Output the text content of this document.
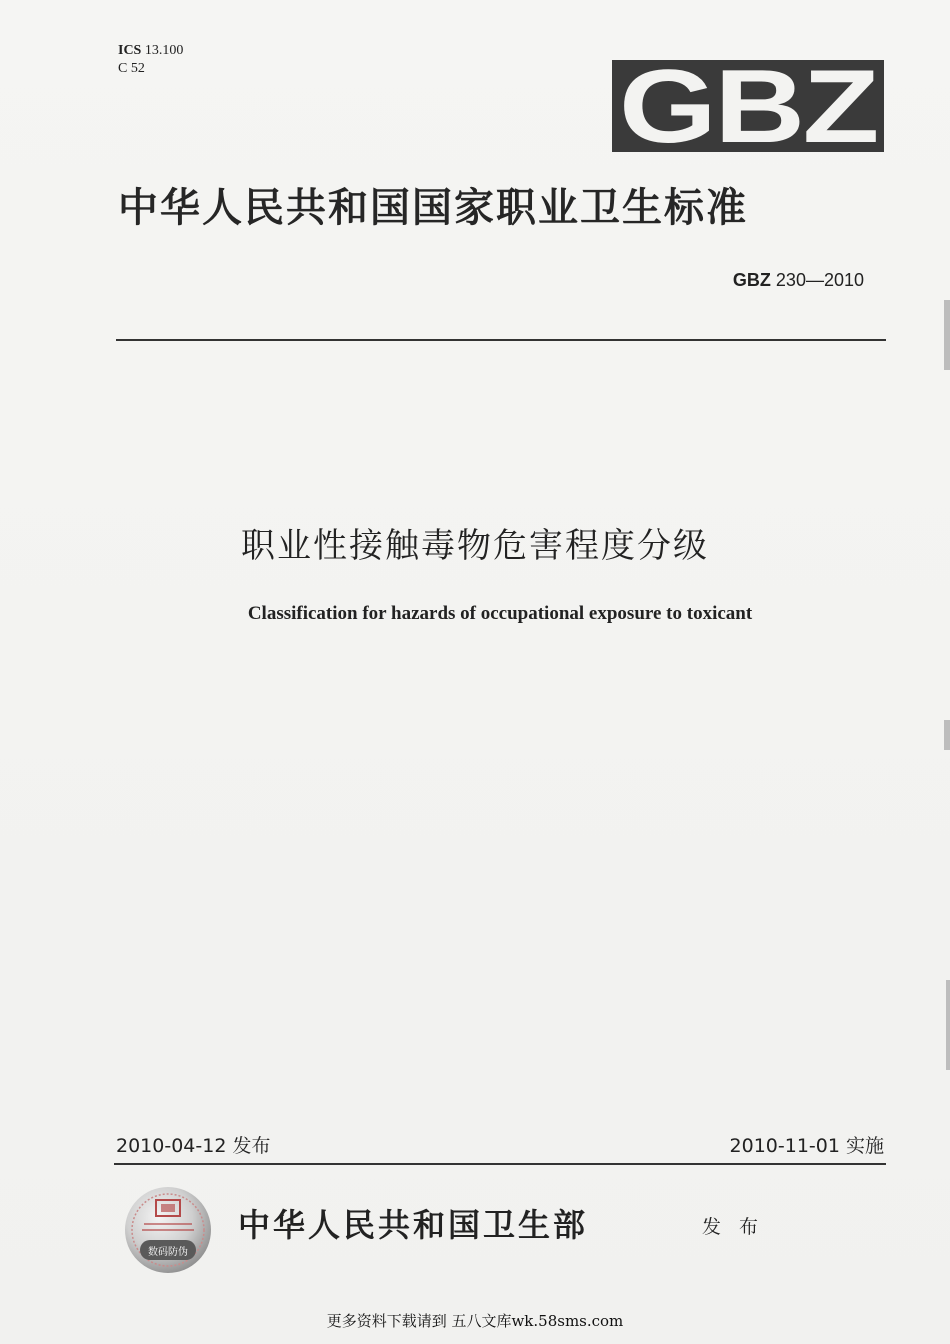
ICS 13.100
C 52	GBZ
中华人民共和国国家职业卫生标准
GBZ 230—2010
职业性接触毒物危害程度分级
Classification for hazards of occupational exposure to toxicant
2010-04-12 发布	2010-11-01 实施
数码防伪
中华人民共和国卫生部	发 布
更多资料下载请到 五八文库wk.58sms.com
